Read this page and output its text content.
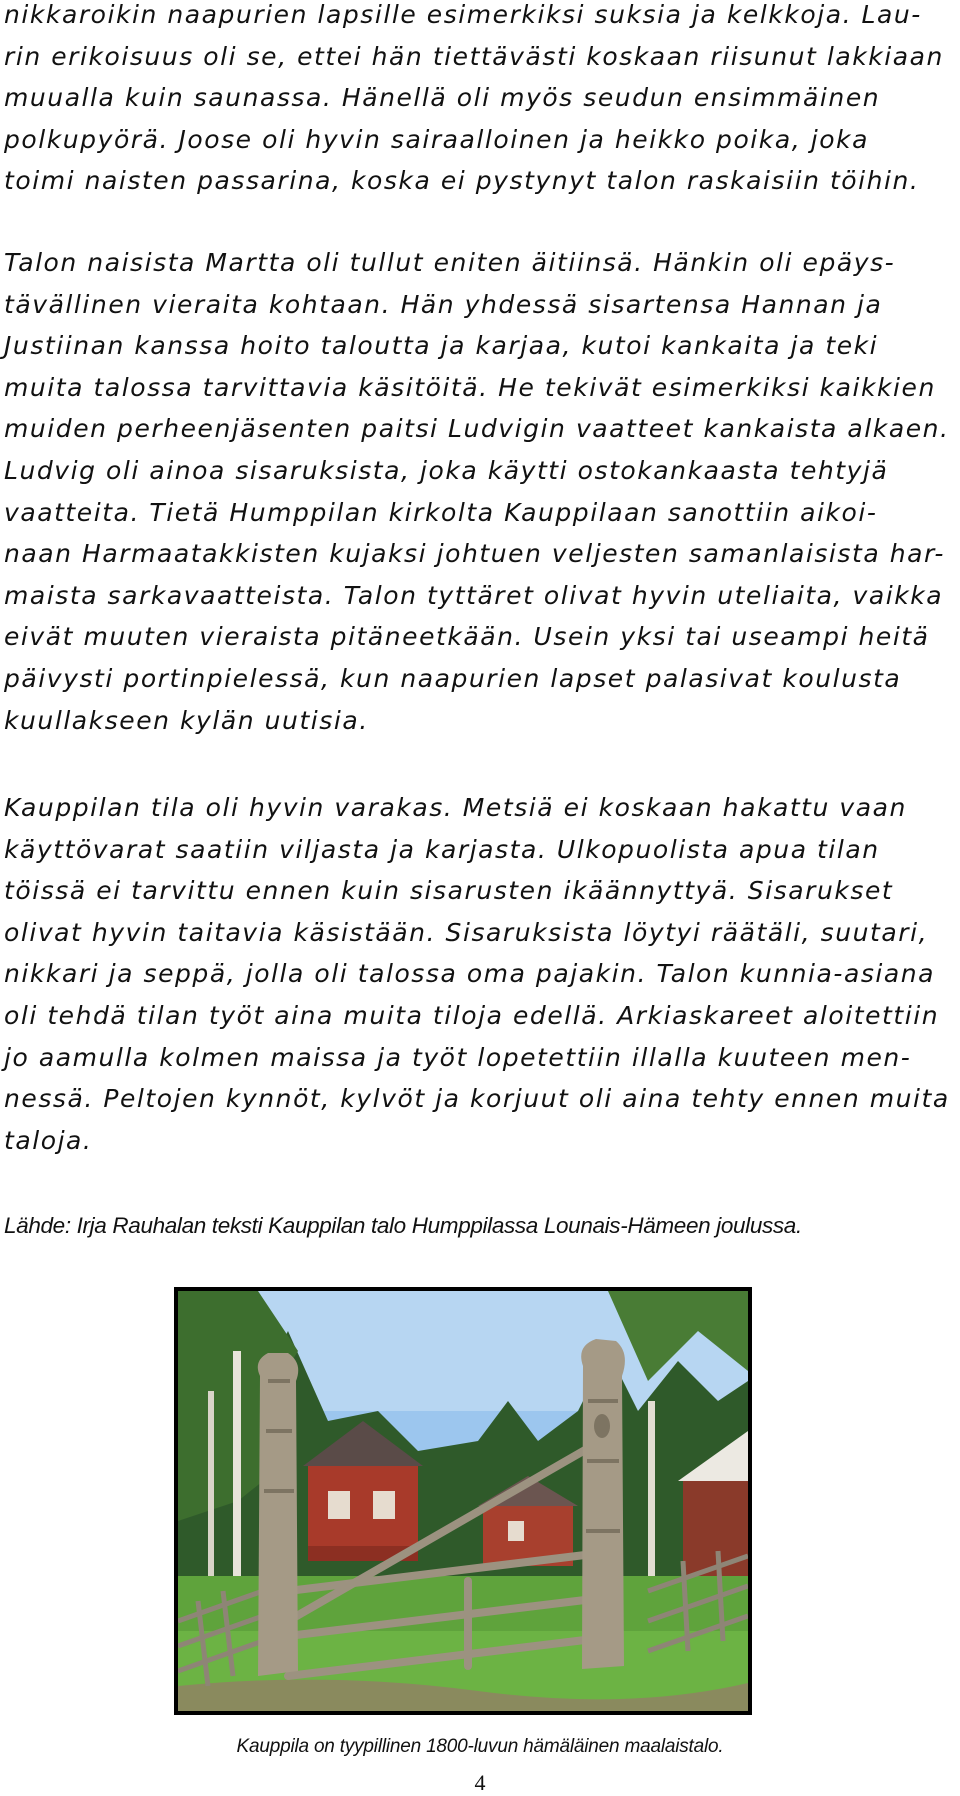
nikkaroikin naapurien lapsille esimerkiksi suksia ja kelkkoja. Lau-
rin erikoisuus oli se, ettei hän tiettävästi koskaan riisunut lakkiaan
muualla kuin saunassa. Hänellä oli myös seudun ensimmäinen
polkupyörä. Joose oli hyvin sairaalloinen ja heikko poika, joka
toimi naisten passarina, koska ei pystynyt talon raskaisiin töihin.
Talon naisista Martta oli tullut eniten äitiinsä. Hänkin oli epäys-
tävällinen vieraita kohtaan. Hän yhdessä sisartensa Hannan ja
Justiinan kanssa hoito taloutta ja karjaa, kutoi kankaita ja teki
muita talossa tarvittavia käsitöitä. He tekivät esimerkiksi kaikkien
muiden perheenjäsenten paitsi Ludvigin vaatteet kankaista alkaen.
Ludvig oli ainoa sisaruksista, joka käytti ostokankaasta tehtyjä
vaatteita. Tietä Humppilan kirkolta Kauppilaan sanottiin aikoi-
naan Harmaatakkisten kujaksi johtuen veljesten samanlaisista har-
maista sarkavaatteista. Talon tyttäret olivat hyvin uteliaita, vaikka
eivät muuten vieraista pitäneetkään. Usein yksi tai useampi heitä
päivysti portinpielessä, kun naapurien lapset palasivat koulusta
kuullakseen kylän uutisia.
Kauppilan tila oli hyvin varakas. Metsiä ei koskaan hakattu vaan
käyttövarat saatiin viljasta ja karjasta. Ulkopuolista apua tilan
töissä ei tarvittu ennen kuin sisarusten ikäännyttyä. Sisarukset
olivat hyvin taitavia käsistään. Sisaruksista löytyi räätäli, suutari,
nikkari ja seppä, jolla oli talossa oma pajakin. Talon kunnia-asiana
oli tehdä tilan työt aina muita tiloja edellä. Arkiaskareet aloitettiin
jo aamulla kolmen maissa ja työt lopetettiin illalla kuuteen men-
nessä. Peltojen kynnöt, kylvöt ja korjuut oli aina tehty ennen muita
taloja.

Lähde: Irja Rauhalan teksti Kauppilan talo Humppilassa Lounais-Hämeen joulussa.

Kauppila on tyypillinen 1800-luvun hämäläinen maalaistalo.
4
